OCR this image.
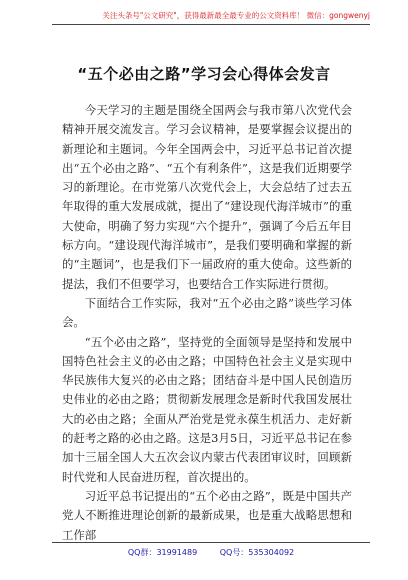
关注头条号"公文研究"，获得最新最全最专业的公文资料库！ 微信：gongwenyj
“五个必由之路”学习会心得体会发言

今天学习的主题是围绕全国两会与我市第八次党代会精神开展交流发言。学习会议精神，是要掌握会议提出的新理论和主题词。今年全国两会中，习近平总书记首次提出“五个必由之路”、“五个有利条件”，这是我们近期要学习的新理论。在市党第八次党代会上，大会总结了过去五年取得的重大发展成就，提出了“建设现代海洋城市”的重大使命，明确了努力实现“六个提升”，强调了今后五年目标方向。“建设现代海洋城市”，是我们要明确和掌握的新的“主题词”，也是我们下一届政府的重大使命。这些新的提法，我们不但要学习，也要结合工作实际进行贯彻。

下面结合工作实际，我对“五个必由之路”谈些学习体会。

“五个必由之路”，坚持党的全面领导是坚持和发展中国特色社会主义的必由之路；中国特色社会主义是实现中华民族伟大复兴的必由之路；团结奋斗是中国人民创造历史伟业的必由之路；贯彻新发展理念是新时代我国发展壮大的必由之路；全面从严治党是党永葆生机活力、走好新的赶考之路的必由之路。这是3月5日，习近平总书记在参加十三届全国人大五次会议内蒙古代表团审议时，回顾新时代党和人民奋进历程，首次提出的。

习近平总书记提出的“五个必由之路”，既是中国共产党人不断推进理论创新的最新成果，也是重大战略思想和工作部

QQ群：31991489	QQ号：535304092
